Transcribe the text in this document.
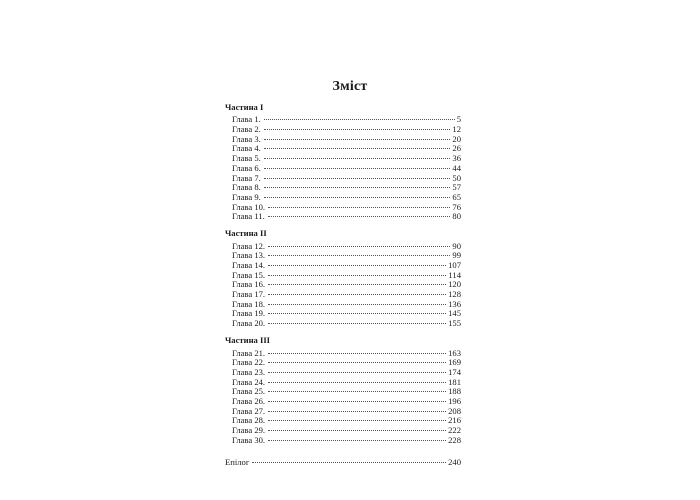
Зміст
Частина І
Глава 1.	5
Глава 2.	12
Глава 3.	20
Глава 4.	26
Глава 5.	36
Глава 6.	44
Глава 7.	50
Глава 8.	57
Глава 9.	65
Глава 10.	76
Глава 11.	80
Частина ІІ
Глава 12.	90
Глава 13.	99
Глава 14.	107
Глава 15.	114
Глава 16.	120
Глава 17.	128
Глава 18.	136
Глава 19.	145
Глава 20.	155
Частина ІІІ
Глава 21.	163
Глава 22.	169
Глава 23.	174
Глава 24.	181
Глава 25.	188
Глава 26.	196
Глава 27.	208
Глава 28.	216
Глава 29.	222
Глава 30.	228
Епілог	240
